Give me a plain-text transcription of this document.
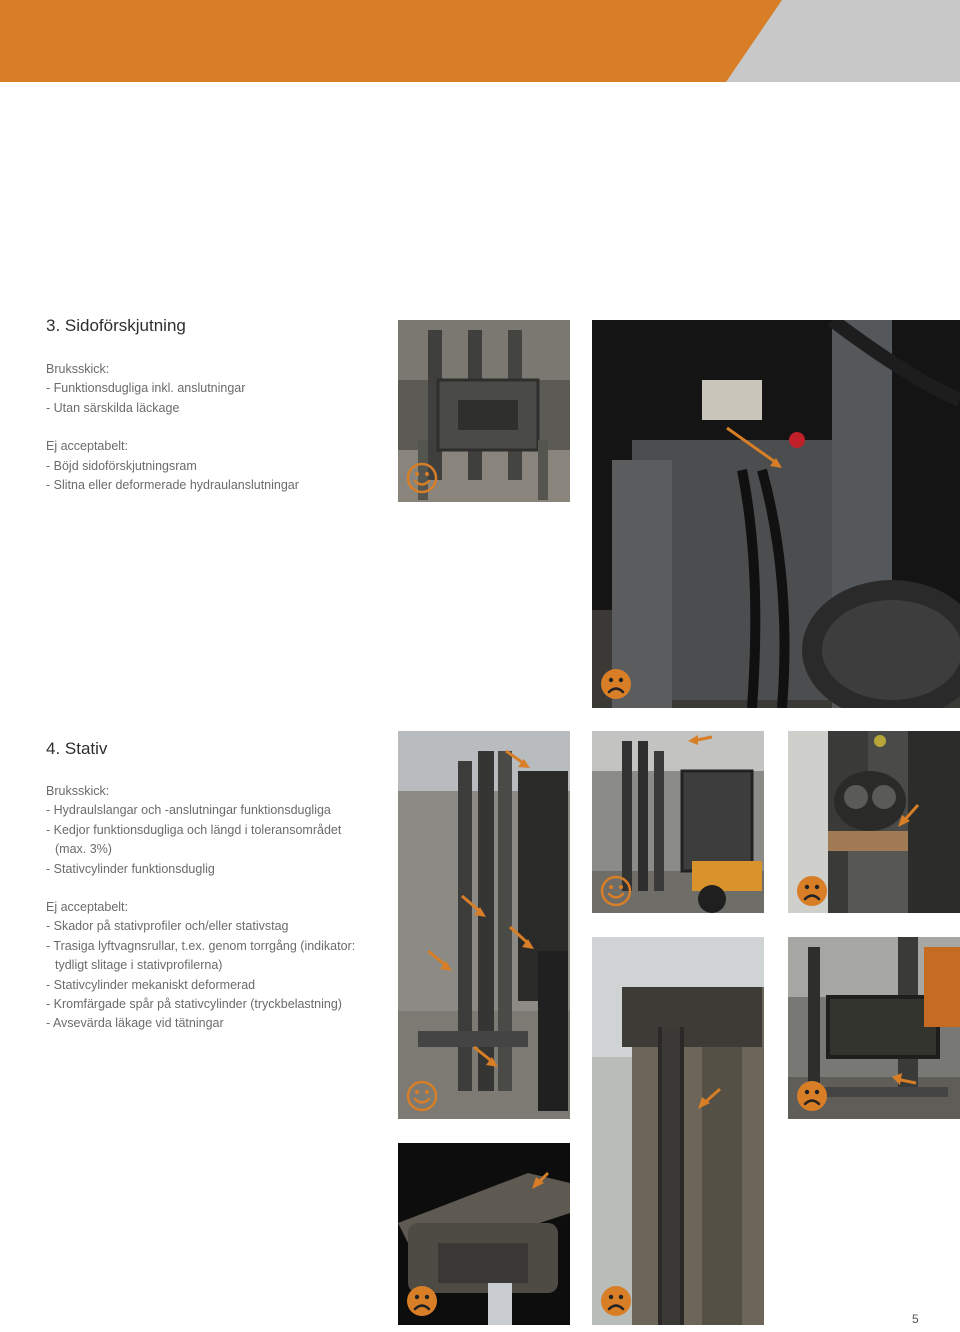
3. Sidoförskjutning
Bruksskick:
- Funktionsdugliga inkl. anslutningar
- Utan särskilda läckage
Ej acceptabelt:
- Böjd sidoförskjutningsram
- Slitna eller deformerade hydraulanslutningar
4. Stativ
Bruksskick:
- Hydraulslangar och -anslutningar funktionsdugliga
- Kedjor funktionsdugliga och längd i toleransområdet
(max. 3%)
- Stativcylinder funktionsduglig
Ej acceptabelt:
- Skador på stativprofiler och/eller stativstag
- Trasiga lyftvagnsrullar, t.ex. genom torrgång (indikator:
tydligt slitage i stativprofilerna)
- Stativcylinder mekaniskt deformerad
- Kromfärgade spår på stativcylinder (tryckbelastning)
- Avsevärda läkage vid tätningar
5
